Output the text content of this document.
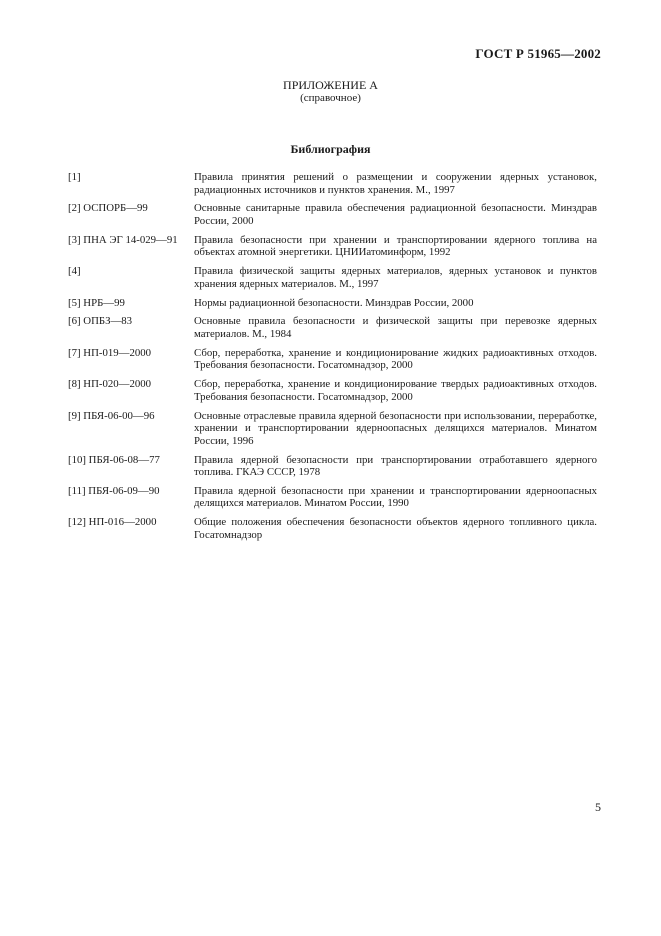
ГОСТ Р 51965—2002
ПРИЛОЖЕНИЕ А
(справочное)
Библиография
[1]	Правила принятия решений о размещении и сооружении ядерных установок, радиационных источников и пунктов хранения. М., 1997
[2] ОСПОРБ—99	Основные санитарные правила обеспечения радиационной безопасности. Минздрав России, 2000
[3] ПНА ЭГ 14-029—91	Правила безопасности при хранении и транспортировании ядерного топлива на объектах атомной энергетики. ЦНИИатоминформ, 1992
[4]	Правила физической защиты ядерных материалов, ядерных установок и пунктов хранения ядерных материалов. М., 1997
[5] НРБ—99	Нормы радиационной безопасности. Минздрав России, 2000
[6] ОПБЗ—83	Основные правила безопасности и физической защиты при перевозке ядерных материалов. М., 1984
[7] НП-019—2000	Сбор, переработка, хранение и кондиционирование жидких радиоактивных отходов. Требования безопасности. Госатомнадзор, 2000
[8] НП-020—2000	Сбор, переработка, хранение и кондиционирование твердых радиоактивных отходов. Требования безопасности. Госатомнадзор, 2000
[9] ПБЯ-06-00—96	Основные отраслевые правила ядерной безопасности при использовании, переработке, хранении и транспортировании ядерноопасных делящихся материалов. Минатом России, 1996
[10] ПБЯ-06-08—77	Правила ядерной безопасности при транспортировании отработавшего ядерного топлива. ГКАЭ СССР, 1978
[11] ПБЯ-06-09—90	Правила ядерной безопасности при хранении и транспортировании ядерноопасных делящихся материалов. Минатом России, 1990
[12] НП-016—2000	Общие положения обеспечения безопасности объектов ядерного топливного цикла. Госатомнадзор
5
